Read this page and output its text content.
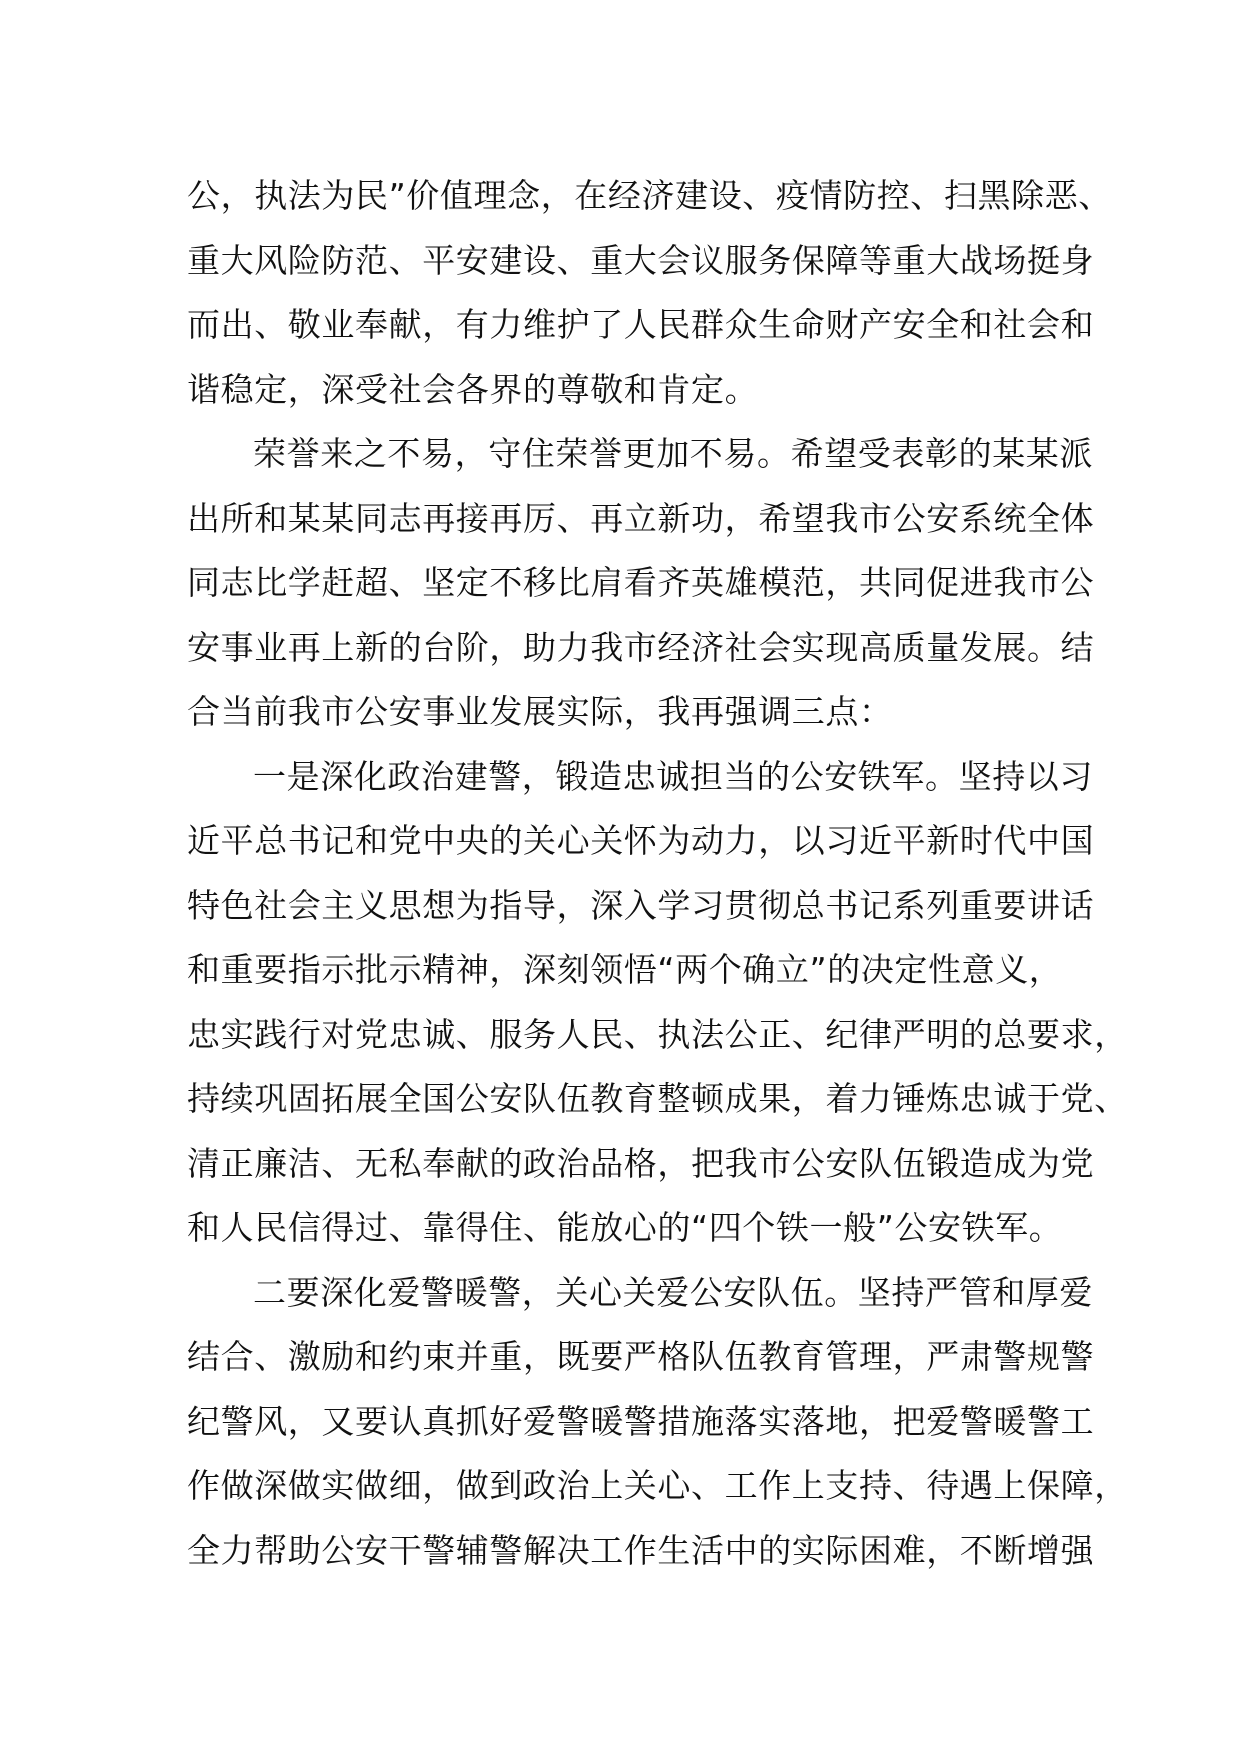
公，执法为民”价值理念，在经济建设、疫情防控、扫黑除恶、
重大风险防范、平安建设、重大会议服务保障等重大战场挺身
而出、敬业奉献，有力维护了人民群众生命财产安全和社会和
谐稳定，深受社会各界的尊敬和肯定。
荣誉来之不易，守住荣誉更加不易。希望受表彰的某某派
出所和某某同志再接再厉、再立新功，希望我市公安系统全体
同志比学赶超、坚定不移比肩看齐英雄模范，共同促进我市公
安事业再上新的台阶，助力我市经济社会实现高质量发展。结
合当前我市公安事业发展实际，我再强调三点：
一是深化政治建警，锻造忠诚担当的公安铁军。坚持以习
近平总书记和党中央的关心关怀为动力，以习近平新时代中国
特色社会主义思想为指导，深入学习贯彻总书记系列重要讲话
和重要指示批示精神，深刻领悟“两个确立”的决定性意义，
忠实践行对党忠诚、服务人民、执法公正、纪律严明的总要求，
持续巩固拓展全国公安队伍教育整顿成果，着力锤炼忠诚于党、
清正廉洁、无私奉献的政治品格，把我市公安队伍锻造成为党
和人民信得过、靠得住、能放心的“四个铁一般”公安铁军。
二要深化爱警暖警，关心关爱公安队伍。坚持严管和厚爱
结合、激励和约束并重，既要严格队伍教育管理，严肃警规警
纪警风，又要认真抓好爱警暖警措施落实落地，把爱警暖警工
作做深做实做细，做到政治上关心、工作上支持、待遇上保障，
全力帮助公安干警辅警解决工作生活中的实际困难，不断增强
